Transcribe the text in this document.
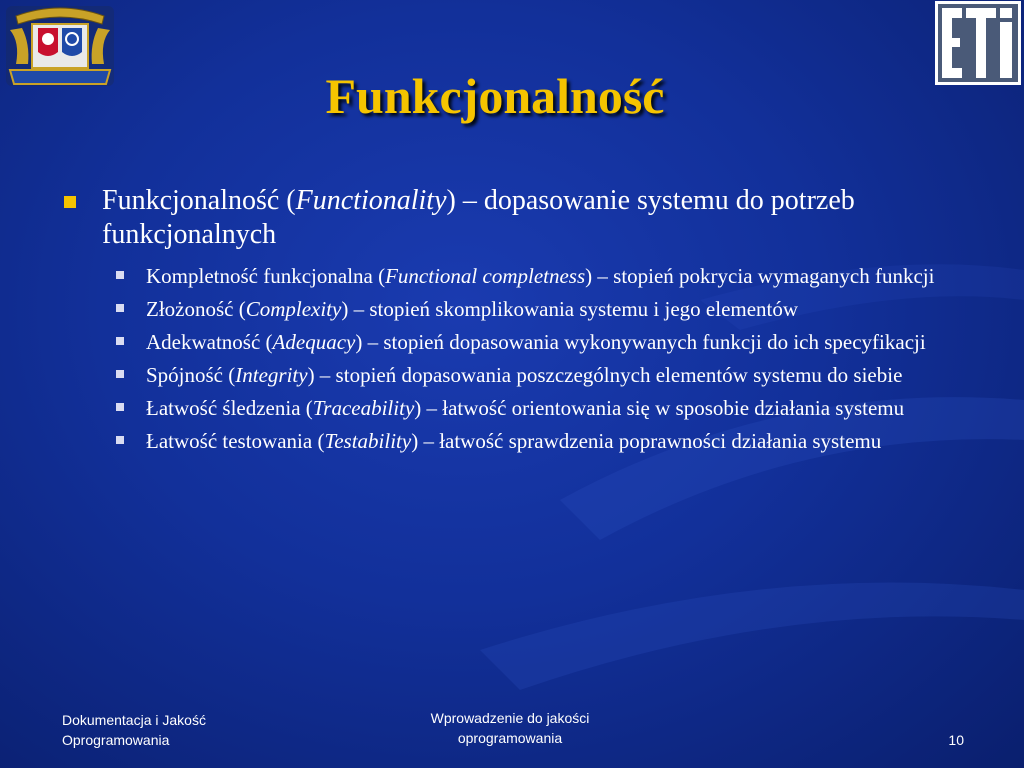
Funkcjonalność
Funkcjonalność (Functionality) – dopasowanie systemu do potrzeb funkcjonalnych
Kompletność funkcjonalna (Functional completness) – stopień pokrycia wymaganych funkcji
Złożoność (Complexity) – stopień skomplikowania systemu i jego elementów
Adekwatność (Adequacy) – stopień dopasowania wykonywanych funkcji do ich specyfikacji
Spójność (Integrity) – stopień dopasowania poszczególnych elementów systemu do siebie
Łatwość śledzenia (Traceability) – łatwość orientowania się w sposobie działania systemu
Łatwość testowania (Testability) – łatwość sprawdzenia poprawności działania systemu
Dokumentacja i Jakość
Oprogramowania
Wprowadzenie do jakości
oprogramowania	10
